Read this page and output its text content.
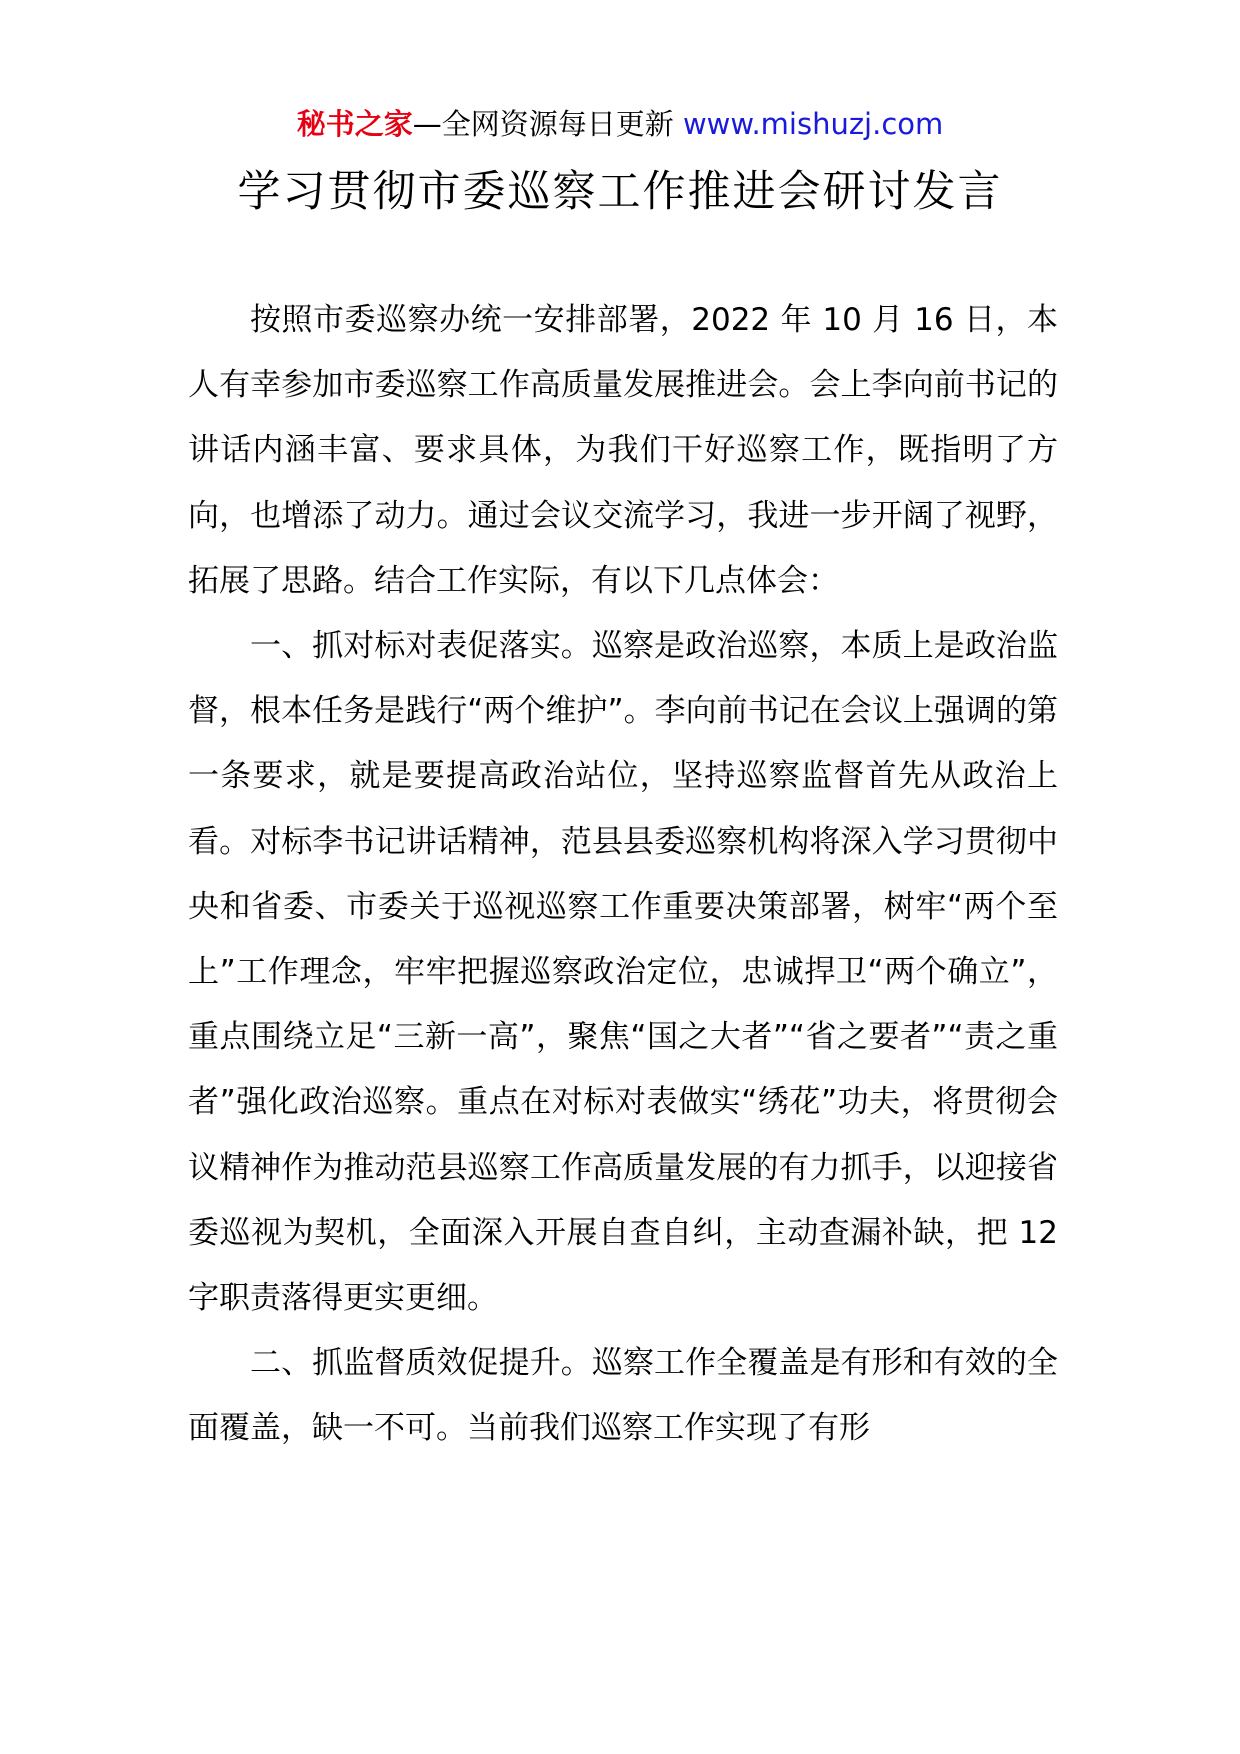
秘书之家—全网资源每日更新 www.mishuzj.com
学习贯彻市委巡察工作推进会研讨发言

按照市委巡察办统一安排部署，2022 年 10 月 16 日，本人有幸参加市委巡察工作高质量发展推进会。会上李向前书记的讲话内涵丰富、要求具体，为我们干好巡察工作，既指明了方向，也增添了动力。通过会议交流学习，我进一步开阔了视野，拓展了思路。结合工作实际，有以下几点体会：

一、抓对标对表促落实。巡察是政治巡察，本质上是政治监督，根本任务是践行“两个维护”。李向前书记在会议上强调的第一条要求，就是要提高政治站位，坚持巡察监督首先从政治上看。对标李书记讲话精神，范县县委巡察机构将深入学习贯彻中央和省委、市委关于巡视巡察工作重要决策部署，树牢“两个至上”工作理念，牢牢把握巡察政治定位，忠诚捍卫“两个确立”，重点围绕立足“三新一高”，聚焦“国之大者”“省之要者”“责之重者”强化政治巡察。重点在对标对表做实“绣花”功夫，将贯彻会议精神作为推动范县巡察工作高质量发展的有力抓手，以迎接省委巡视为契机，全面深入开展自查自纠，主动查漏补缺，把 12 字职责落得更实更细。

二、抓监督质效促提升。巡察工作全覆盖是有形和有效的全面覆盖，缺一不可。当前我们巡察工作实现了有形
